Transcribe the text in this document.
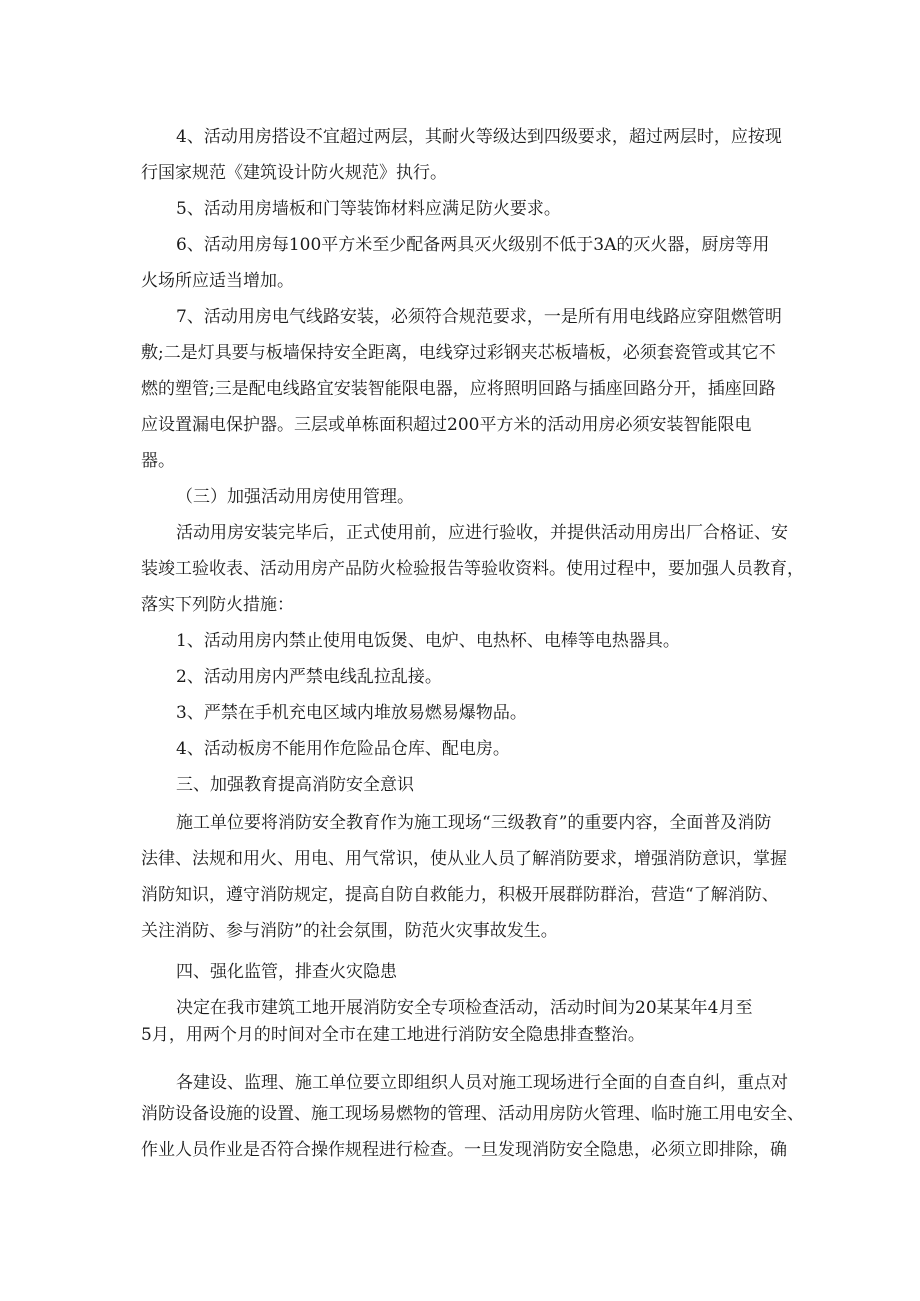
4、活动用房搭设不宜超过两层，其耐火等级达到四级要求，超过两层时，应按现
行国家规范《建筑设计防火规范》执行。
5、活动用房墙板和门等装饰材料应满足防火要求。
6、活动用房每100平方米至少配备两具灭火级别不低于3A的灭火器，厨房等用
火场所应适当增加。
7、活动用房电气线路安装，必须符合规范要求，一是所有用电线路应穿阻燃管明
敷;二是灯具要与板墙保持安全距离，电线穿过彩钢夹芯板墙板，必须套瓷管或其它不
燃的塑管;三是配电线路宜安装智能限电器，应将照明回路与插座回路分开，插座回路
应设置漏电保护器。三层或单栋面积超过200平方米的活动用房必须安装智能限电
器。
（三）加强活动用房使用管理。
活动用房安装完毕后，正式使用前，应进行验收，并提供活动用房出厂合格证、安
装竣工验收表、活动用房产品防火检验报告等验收资料。使用过程中，要加强人员教育，
落实下列防火措施：
1、活动用房内禁止使用电饭煲、电炉、电热杯、电棒等电热器具。
2、活动用房内严禁电线乱拉乱接。
3、严禁在手机充电区域内堆放易燃易爆物品。
4、活动板房不能用作危险品仓库、配电房。
三、加强教育提高消防安全意识
施工单位要将消防安全教育作为施工现场“三级教育”的重要内容，全面普及消防
法律、法规和用火、用电、用气常识，使从业人员了解消防要求，增强消防意识，掌握
消防知识，遵守消防规定，提高自防自救能力，积极开展群防群治，营造“了解消防、
关注消防、参与消防”的社会氛围，防范火灾事故发生。
四、强化监管，排查火灾隐患
决定在我市建筑工地开展消防安全专项检查活动，活动时间为20某某年4月至
5月，用两个月的时间对全市在建工地进行消防安全隐患排查整治。
各建设、监理、施工单位要立即组织人员对施工现场进行全面的自查自纠，重点对
消防设备设施的设置、施工现场易燃物的管理、活动用房防火管理、临时施工用电安全、
作业人员作业是否符合操作规程进行检查。一旦发现消防安全隐患，必须立即排除，确
